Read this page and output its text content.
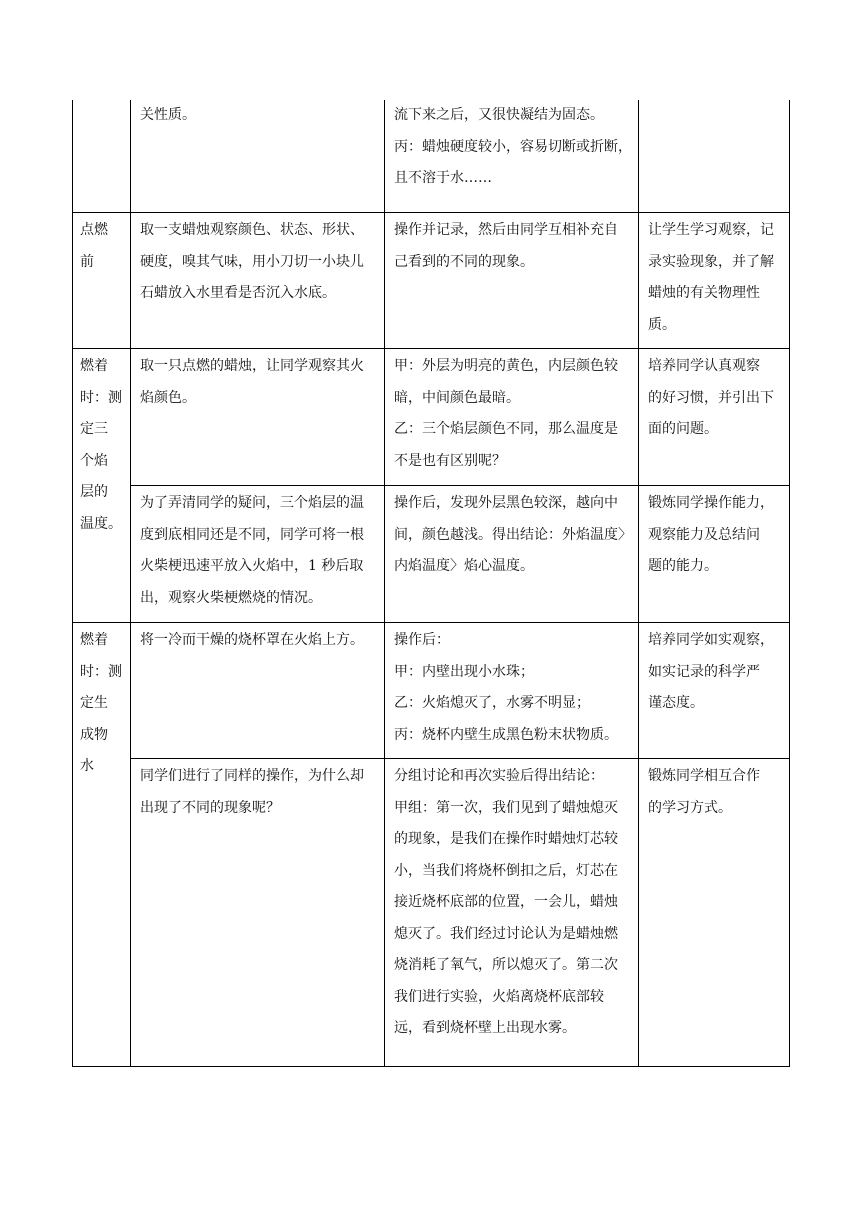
关性质。	流下来之后，又很快凝结为固态。
丙：蜡烛硬度较小，容易切断或折断，
且不溶于水……
点燃
前
取一支蜡烛观察颜色、状态、形状、
硬度，嗅其气味，用小刀切一小块儿
石蜡放入水里看是否沉入水底。
操作并记录，然后由同学互相补充自
己看到的不同的现象。
让学生学习观察，记
录实验现象，并了解
蜡烛的有关物理性
质。
燃着
时：测
定三
个焰
层的
温度。
取一只点燃的蜡烛，让同学观察其火
焰颜色。
甲：外层为明亮的黄色，内层颜色较
暗，中间颜色最暗。
乙：三个焰层颜色不同，那么温度是
不是也有区别呢？
培养同学认真观察
的好习惯，并引出下
面的问题。
为了弄清同学的疑问，三个焰层的温
度到底相同还是不同，同学可将一根
火柴梗迅速平放入火焰中，1 秒后取
出，观察火柴梗燃烧的情况。
操作后，发现外层黑色较深，越向中
间，颜色越浅。得出结论：外焰温度〉
内焰温度〉焰心温度。
锻炼同学操作能力，
观察能力及总结问
题的能力。
燃着
时：测
定生
成物
水
将一冷而干燥的烧杯罩在火焰上方。 操作后：
甲：内壁出现小水珠；
乙：火焰熄灭了，水雾不明显；
丙：烧杯内壁生成黑色粉末状物质。
培养同学如实观察，
如实记录的科学严
谨态度。
同学们进行了同样的操作，为什么却
出现了不同的现象呢？
分组讨论和再次实验后得出结论：
甲组：第一次，我们见到了蜡烛熄灭
的现象，是我们在操作时蜡烛灯芯较
小，当我们将烧杯倒扣之后，灯芯在
接近烧杯底部的位置，一会儿，蜡烛
熄灭了。我们经过讨论认为是蜡烛燃
烧消耗了氧气，所以熄灭了。第二次
我们进行实验，火焰离烧杯底部较
远，看到烧杯壁上出现水雾。
锻炼同学相互合作
的学习方式。
